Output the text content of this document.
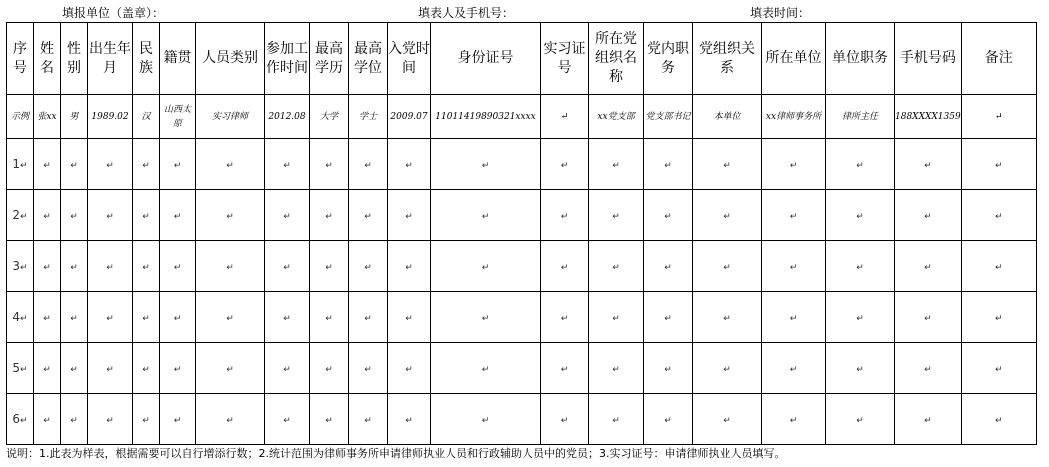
填报单位（盖章）：	填表人及手机号：	填表时间：
序号	姓名	性别	出生年月	民族	籍贯	人员类别	参加工作时间	最高学历	最高学位	入党时间	身份证号	实习证号	所在党组织名称	党内职务	党组织关系	所在单位	单位职务	手机号码	备注
示例	张xx	男	1989.02	汉	山西太原	实习律师	2012.08	大学	学士	2009.07	11011419890321xxxx	↵	xx党支部	党支部书记	本单位	xx律师事务所	律所主任	188XXXX1359	↵
1↵	↵	↵	↵	↵	↵	↵	↵	↵	↵	↵	↵	↵	↵	↵	↵	↵	↵	↵	↵
2↵	↵	↵	↵	↵	↵	↵	↵	↵	↵	↵	↵	↵	↵	↵	↵	↵	↵	↵	↵
3↵	↵	↵	↵	↵	↵	↵	↵	↵	↵	↵	↵	↵	↵	↵	↵	↵	↵	↵	↵
4↵	↵	↵	↵	↵	↵	↵	↵	↵	↵	↵	↵	↵	↵	↵	↵	↵	↵	↵	↵
5↵	↵	↵	↵	↵	↵	↵	↵	↵	↵	↵	↵	↵	↵	↵	↵	↵	↵	↵	↵
6↵	↵	↵	↵	↵	↵	↵	↵	↵	↵	↵	↵	↵	↵	↵	↵	↵	↵	↵	↵
说明：1.此表为样表，根据需要可以自行增添行数；2.统计范围为律师事务所申请律师执业人员和行政辅助人员中的党员；3.实习证号：申请律师执业人员填写。
